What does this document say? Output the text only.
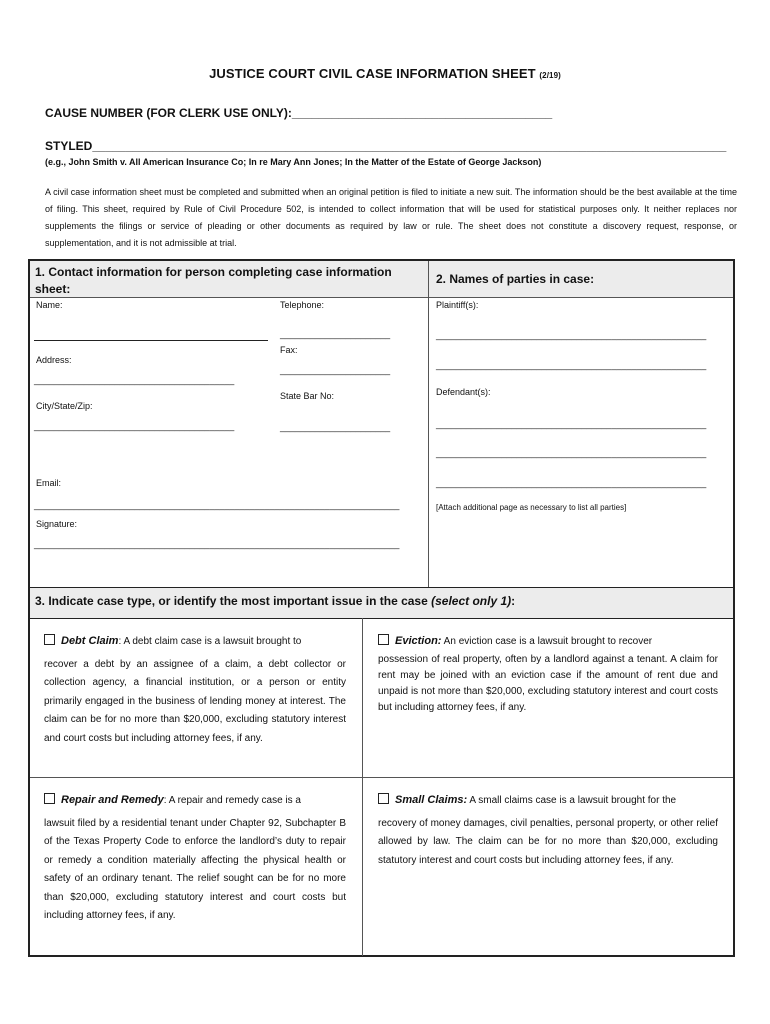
JUSTICE COURT CIVIL CASE INFORMATION SHEET (2/19)
CAUSE NUMBER (FOR CLERK USE ONLY):_______________________________________
STYLED_______________________________________________________________________________________________
(e.g., John Smith v. All American Insurance Co; In re Mary Ann Jones; In the Matter of the Estate of George Jackson)
A civil case information sheet must be completed and submitted when an original petition is filed to initiate a new suit. The information should be the best available at the time of filing. This sheet, required by Rule of Civil Procedure 502, is intended to collect information that will be used for statistical purposes only. It neither replaces nor supplements the filings or service of pleading or other documents as required by law or rule. The sheet does not constitute a discovery request, response, or supplementation, and it is not admissible at trial.
1. Contact information for person completing case information sheet:
2. Names of parties in case:
Name:	Telephone:
______________________
Fax:
______________________
Address:
________________________________________
State Bar No:
______________________
City/State/Zip:
________________________________________
Email:
_________________________________________________________________________
Signature:
_________________________________________________________________________
Plaintiff(s):
______________________________________________________
______________________________________________________
Defendant(s):
______________________________________________________
______________________________________________________
______________________________________________________
[Attach additional page as necessary to list all parties]
3. Indicate case type, or identify the most important issue in the case (select only 1):
Debt Claim: A debt claim case is a lawsuit brought to
recover a debt by an assignee of a claim, a debt collector or collection agency, a financial institution, or a person or entity primarily engaged in the business of lending money at interest. The claim can be for no more than $20,000, excluding statutory interest and court costs but including attorney fees, if any.
Eviction: An eviction case is a lawsuit brought to recover
possession of real property, often by a landlord against a tenant. A claim for rent may be joined with an eviction case if the amount of rent due and unpaid is not more than $20,000, excluding statutory interest and court costs but including attorney fees, if any.
Repair and Remedy: A repair and remedy case is a
lawsuit filed by a residential tenant under Chapter 92, Subchapter B of the Texas Property Code to enforce the landlord’s duty to repair or remedy a condition materially affecting the physical health or safety of an ordinary tenant. The relief sought can be for no more than $20,000, excluding statutory interest and court costs but including attorney fees, if any.
Small Claims: A small claims case is a lawsuit brought for the
recovery of money damages, civil penalties, personal property, or other relief allowed by law. The claim can be for no more than $20,000, excluding statutory interest and court costs but including attorney fees, if any.
